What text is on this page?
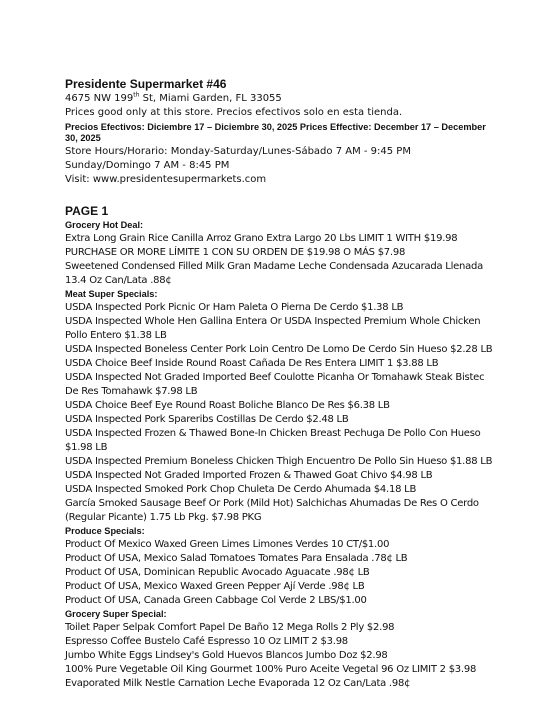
Presidente Supermarket #46

4675 NW 199th St, Miami Garden, FL 33055

Prices good only at this store. Precios efectivos solo en esta tienda.

Precios Efectivos: Diciembre 17 – Diciembre 30, 2025 Prices Effective: December 17 – December 30, 2025

Store Hours/Horario: Monday-Saturday/Lunes-Sábado 7 AM - 9:45 PM Sunday/Domingo 7 AM - 8:45 PM

Visit: www.presidentesupermarkets.com

PAGE 1

Grocery Hot Deal:

Extra Long Grain Rice Canilla Arroz Grano Extra Largo 20 Lbs LIMIT 1 WITH $19.98 PURCHASE OR MORE LÍMITE 1 CON SU ORDEN DE $19.98 O MÁS $7.98

Sweetened Condensed Filled Milk Gran Madame Leche Condensada Azucarada Llenada 13.4 Oz Can/Lata .88¢

Meat Super Specials:

USDA Inspected Pork Picnic Or Ham Paleta O Pierna De Cerdo $1.38 LB

USDA Inspected Whole Hen Gallina Entera Or USDA Inspected Premium Whole Chicken Pollo Entero $1.38 LB

USDA Inspected Boneless Center Pork Loin Centro De Lomo De Cerdo Sin Hueso $2.28 LB

USDA Choice Beef Inside Round Roast Cañada De Res Entera LIMIT 1 $3.88 LB

USDA Inspected Not Graded Imported Beef Coulotte Picanha Or Tomahawk Steak Bistec De Res Tomahawk $7.98 LB

USDA Choice Beef Eye Round Roast Boliche Blanco De Res $6.38 LB

USDA Inspected Pork Spareribs Costillas De Cerdo $2.48 LB

USDA Inspected Frozen & Thawed Bone-In Chicken Breast Pechuga De Pollo Con Hueso $1.98 LB

USDA Inspected Premium Boneless Chicken Thigh Encuentro De Pollo Sin Hueso $1.88 LB

USDA Inspected Not Graded Imported Frozen & Thawed Goat Chivo $4.98 LB

USDA Inspected Smoked Pork Chop Chuleta De Cerdo Ahumada $4.18 LB

García Smoked Sausage Beef Or Pork (Mild Hot) Salchichas Ahumadas De Res O Cerdo (Regular Picante) 1.75 Lb Pkg. $7.98 PKG

Produce Specials:

Product Of Mexico Waxed Green Limes Limones Verdes 10 CT/$1.00

Product Of USA, Mexico Salad Tomatoes Tomates Para Ensalada .78¢ LB

Product Of USA, Dominican Republic Avocado Aguacate .98¢ LB

Product Of USA, Mexico Waxed Green Pepper Ají Verde .98¢ LB

Product Of USA, Canada Green Cabbage Col Verde 2 LBS/$1.00

Grocery Super Special:

Toilet Paper Selpak Comfort Papel De Baño 12 Mega Rolls 2 Ply $2.98

Espresso Coffee Bustelo Café Espresso 10 Oz LIMIT 2 $3.98

Jumbo White Eggs Lindsey's Gold Huevos Blancos Jumbo Doz $2.98

100% Pure Vegetable Oil King Gourmet 100% Puro Aceite Vegetal 96 Oz LIMIT 2 $3.98

Evaporated Milk Nestle Carnation Leche Evaporada 12 Oz Can/Lata .98¢
